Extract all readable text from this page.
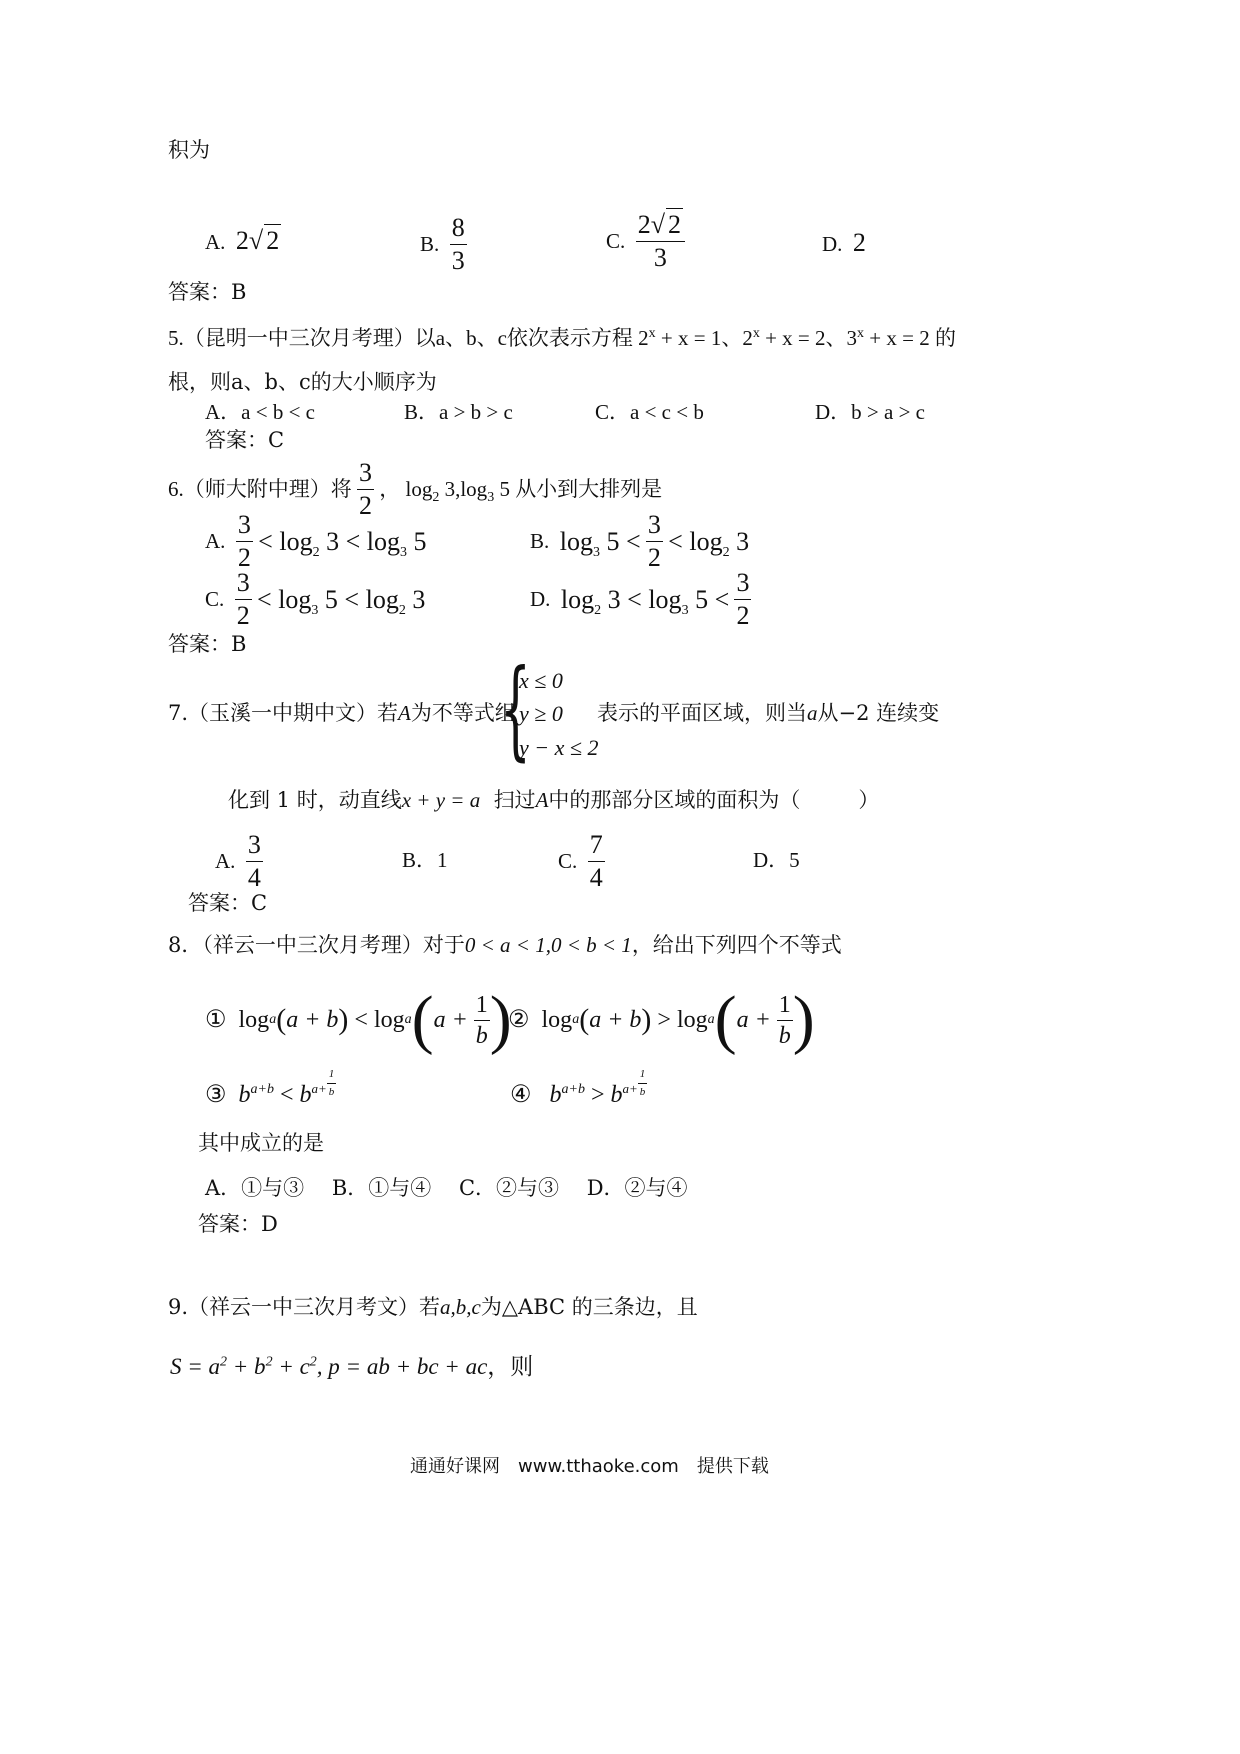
积为
A. 2√ 2	B. $\frac{8}{3}$	C. $\frac{2√ 2}{3}$	D. 2
答案：B
5.（昆明一中三次月考理）以a、b、c依次表示方程 $2^x + x = 1$、$2^x + x = 2$、$3^x + x = 2$ 的
根，则a、b、c的大小顺序为
A．a < b < c	B．a > b > c	C．a < c < b	D．b > a > c
答案：C
6.（师大附中理）将 $\frac{3}{2}$ ， $\log_2 3,\log_3$ 5 从小到大排列是
A. $\frac{3}{2} < \log_2 3 < \log_3 5$	B. $\log_3 5 < \frac{3}{2} < \log_2 3$
C. $\frac{3}{2} < \log_3 5 < \log_2 3$	D. $\log_2 3 < \log_3 5 < \frac{3}{2}$
答案：B
7.（玉溪一中期中文）若A为不等式组
{
x ≤ 0
y ≥ 0
y − x ≤ 2
表示的平面区域，则当a从−2 连续变
化到 1 时，动直线x + y = a 扫过A中的那部分区域的面积为（	）
A. $\frac{3}{4}$	B．1	C. $\frac{7}{4}$	D．5
答案：C
8．（祥云一中三次月考理）对于0 < a < 1,0 < b < 1，给出下列四个不等式
①
log a ( a + b )
<
log a ( a +
$\frac{1}{b}$ )
②
log a ( a + b )
>
log a ( a +
$\frac{1}{b}$ )
③ $b^{a+b} < b^{a+ \frac{1}{b}}$	④ $b^{a+b} > b^{a+ \frac{1}{b}}$
其中成立的是
A．①与③　 B．①与④　 C．②与③　 D．②与④
答案：D
9.（祥云一中三次月考文）若a,b,c为△ABC 的三条边，且
$S = a^2 + b^2 + c^2$, p = ab + bc + ac，则
通通好课网　www.tthaoke.com　提供下载
